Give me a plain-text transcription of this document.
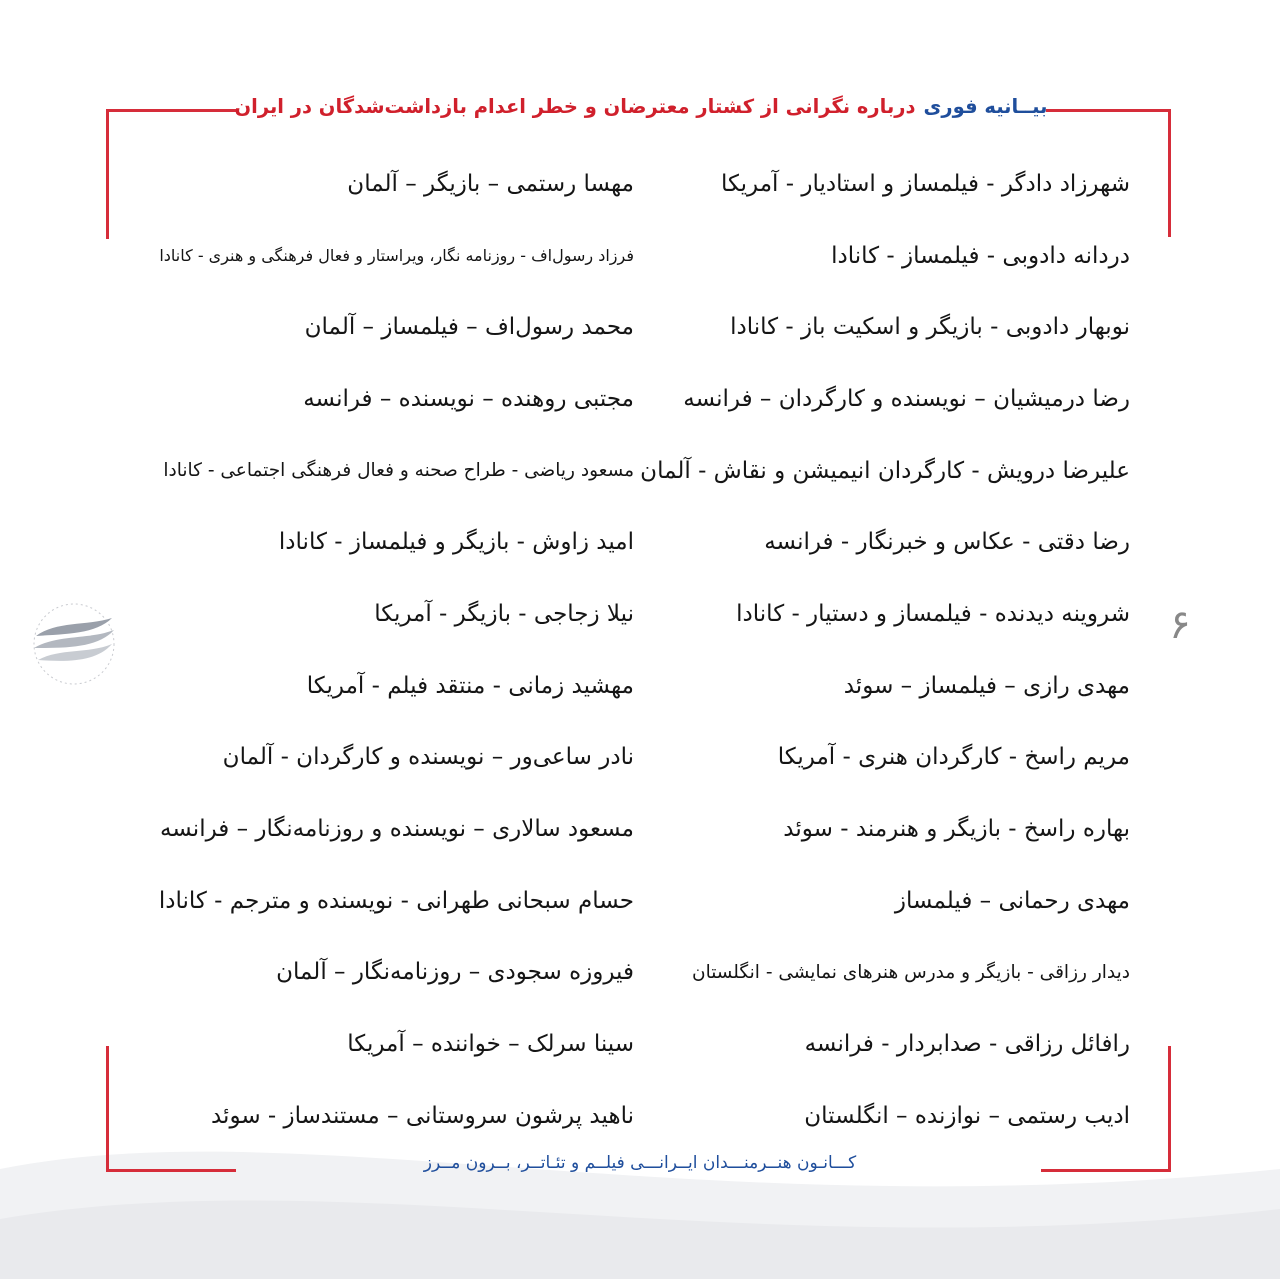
بیــانیه فوری
درباره نگرانی از کشتار معترضان و خطر اعدام بازداشت‌شدگان در ایران
شهرزاد دادگر - فیلمساز و استادیار - آمریکا
دردانه دادوبی - فیلمساز - کانادا
نوبهار دادوبی - بازیگر و اسکیت باز - کانادا
رضا درمیشیان – نویسنده و کارگردان – فرانسه
علیرضا درویش - کارگردان انیمیشن و نقاش - آلمان
رضا دقتی - عکاس و خبرنگار - فرانسه
شروینه دیدنده - فیلمساز و دستیار - کانادا
مهدی رازی – فیلمساز – سوئد
مریم راسخ - کارگردان هنری - آمریکا
بهاره راسخ - بازیگر و هنرمند - سوئد
مهدی رحمانی – فیلمساز
دیدار رزاقی - بازیگر و مدرس هنرهای نمایشی - انگلستان
رافائل رزاقی - صدابردار - فرانسه
ادیب رستمی – نوازنده – انگلستان
مهسا رستمی – بازیگر – آلمان
فرزاد رسول‌اف - روزنامه نگار، ویراستار و فعال فرهنگی و هنری - کانادا
محمد رسول‌اف – فیلمساز – آلمان
مجتبی روهنده – نویسنده – فرانسه
مسعود ریاضی - طراح صحنه و فعال فرهنگی اجتماعی - کانادا
امید زاوش - بازیگر و فیلمساز - کانادا
نیلا زجاجی - بازیگر - آمریکا
مهشید زمانی - منتقد فیلم - آمریکا
نادر ساعی‌ور – نویسنده و کارگردان - آلمان
مسعود سالاری – نویسنده و روزنامه‌نگار – فرانسه
حسام سبحانی طهرانی - نویسنده و مترجم - کانادا
فیروزه سجودی – روزنامه‌نگار – آلمان
سینا سرلک – خواننده – آمریکا
ناهید پرشون سروستانی – مستندساز - سوئد
۶
کـــانـون هنــرمنـــدان ایــرانـــی فیلــم و تئـاتــر، بــرون مــرز
